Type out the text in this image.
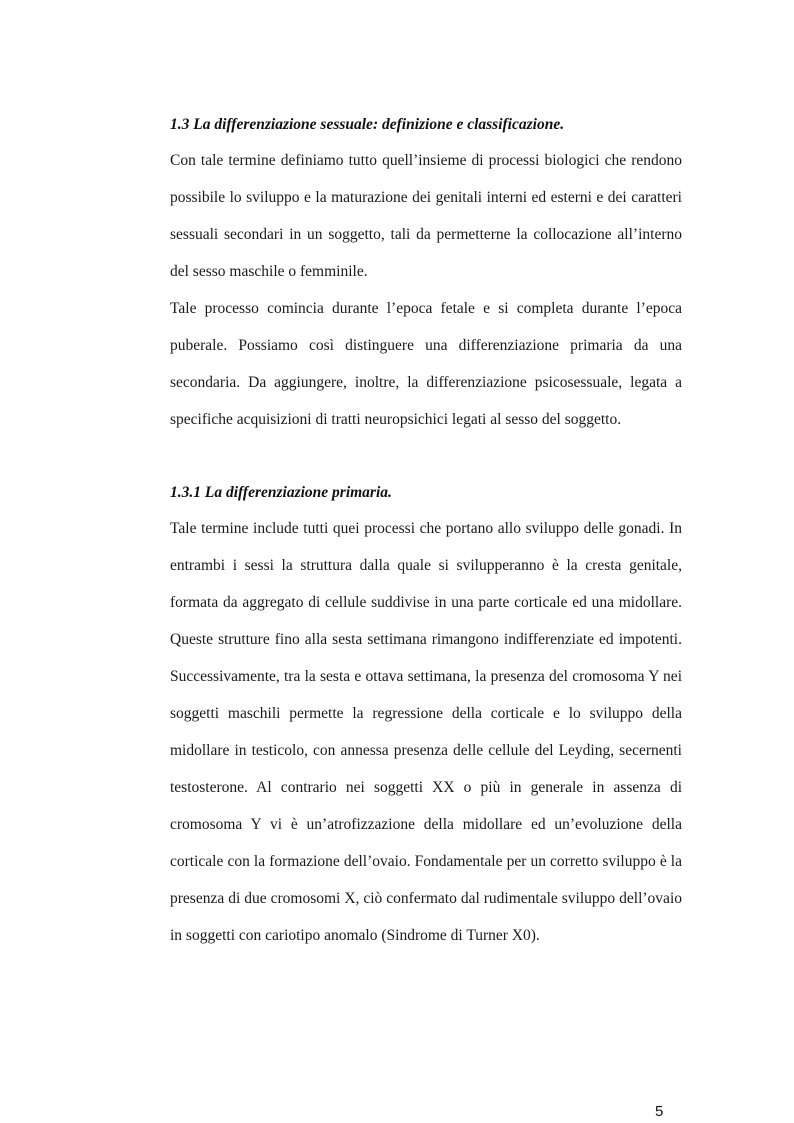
1.3 La differenziazione sessuale: definizione e classificazione.

Con tale termine definiamo tutto quell’insieme di processi biologici che rendono possibile lo sviluppo e la maturazione dei genitali interni ed esterni e dei caratteri sessuali secondari in un soggetto, tali da permetterne la collocazione all’interno del sesso maschile o femminile.

Tale processo comincia durante l’epoca fetale e si completa durante l’epoca puberale. Possiamo così distinguere una differenziazione primaria da una secondaria. Da aggiungere, inoltre, la differenziazione psicosessuale, legata a specifiche acquisizioni di tratti neuropsichici legati al sesso del soggetto.

1.3.1 La differenziazione primaria.

Tale termine include tutti quei processi che portano allo sviluppo delle gonadi. In entrambi i sessi la struttura dalla quale si svilupperanno è la cresta genitale, formata da aggregato di cellule suddivise in una parte corticale ed una midollare. Queste strutture fino alla sesta settimana rimangono indifferenziate ed impotenti. Successivamente, tra la sesta e ottava settimana, la presenza del cromosoma Y nei soggetti maschili permette la regressione della corticale e lo sviluppo della midollare in testicolo, con annessa presenza delle cellule del Leyding, secernenti testosterone. Al contrario nei soggetti XX o più in generale in assenza di cromosoma Y vi è un’atrofizzazione della midollare ed un’evoluzione della corticale con la formazione dell’ovaio. Fondamentale per un corretto sviluppo è la presenza di due cromosomi X, ciò confermato dal rudimentale sviluppo dell’ovaio in soggetti con cariotipo anomalo (Sindrome di Turner X0).

5
